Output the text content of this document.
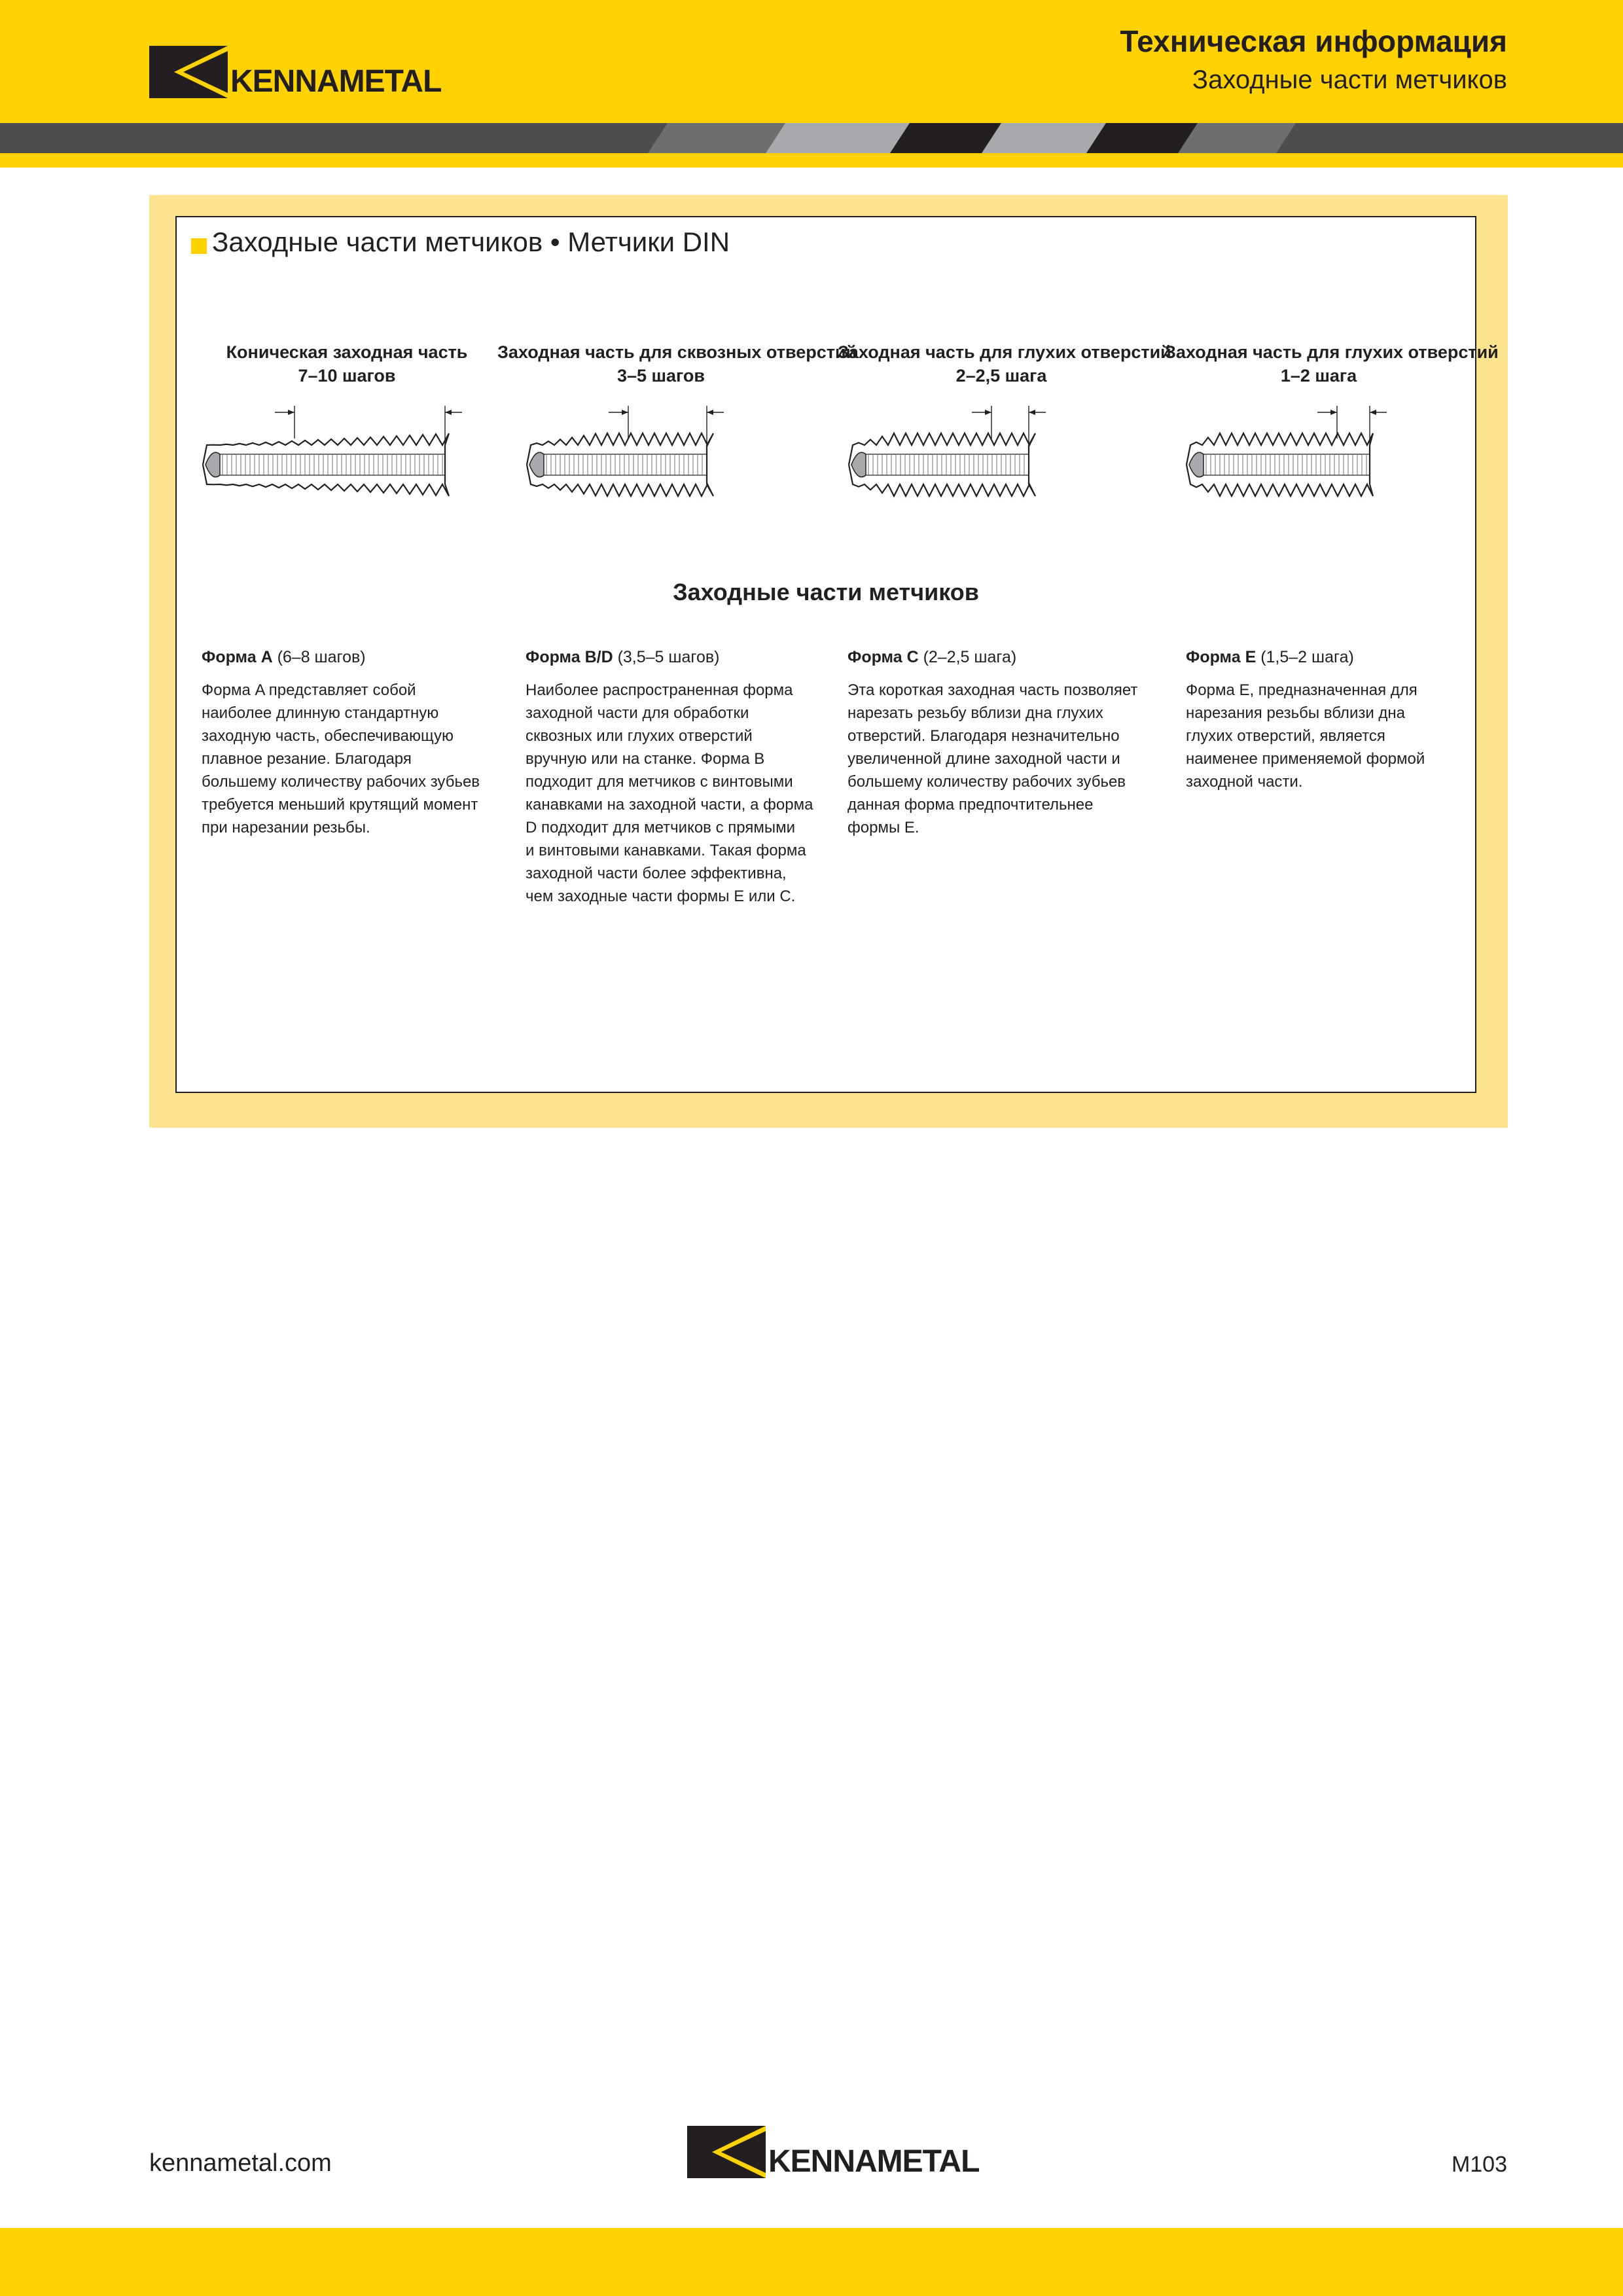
KENNAMETAL
Техническая информация
Заходные части метчиков
Заходные части метчиков • Метчики DIN
Коническая заходная часть
7–10 шагов
Заходная часть для сквозных отверстий
3–5 шагов
Заходная часть для глухих отверстий
2–2,5 шага
Заходная часть для глухих отверстий
1–2 шага
Заходные части метчиков
Форма A (6–8 шагов)
Форма A представляет собой
наиболее длинную стандартную
заходную часть, обеспечивающую
плавное резание. Благодаря
большему количеству рабочих зубьев
требуется меньший крутящий момент
при нарезании резьбы.
Форма B/D (3,5–5 шагов)
Наиболее распространенная форма
заходной части для обработки
сквозных или глухих отверстий
вручную или на станке. Форма B
подходит для метчиков с винтовыми
канавками на заходной части, а форма
D подходит для метчиков с прямыми
и винтовыми канавками. Такая форма
заходной части более эффективна,
чем заходные части формы E или C.
Форма C (2–2,5 шага)
Эта короткая заходная часть позволяет
нарезать резьбу вблизи дна глухих
отверстий. Благодаря незначительно
увеличенной длине заходной части и
большему количеству рабочих зубьев
данная форма предпочтительнее
формы E.
Форма E (1,5–2 шага)
Форма E, предназначенная для
нарезания резьбы вблизи дна
глухих отверстий, является
наименее применяемой формой
заходной части.
kennametal.com	KENNAMETAL	M103
